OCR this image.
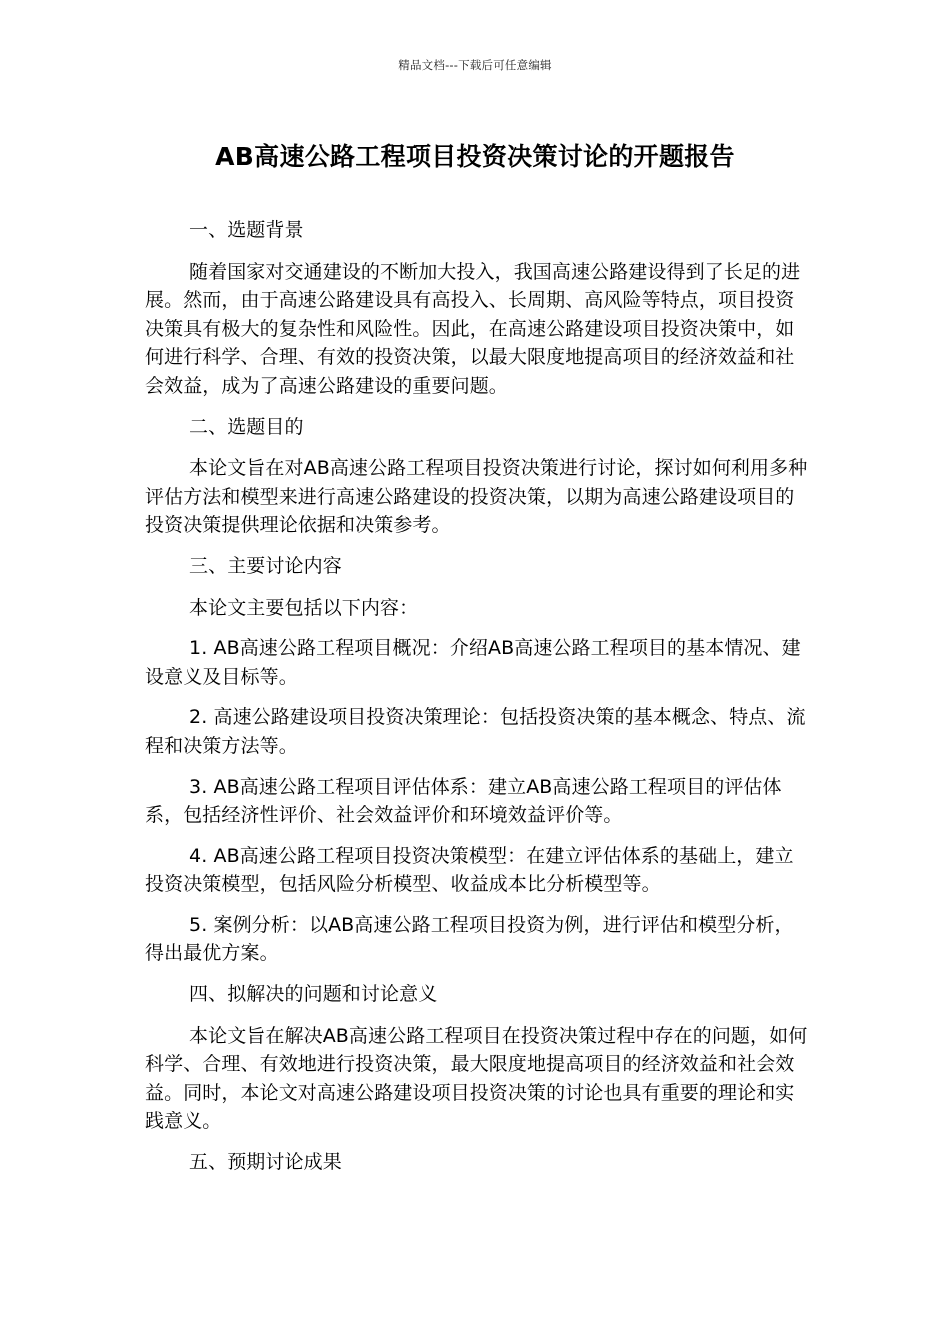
精品文档---下载后可任意编辑
AB高速公路工程项目投资决策讨论的开题报告

一、选题背景

随着国家对交通建设的不断加大投入，我国高速公路建设得到了长足的进展。然而，由于高速公路建设具有高投入、长周期、高风险等特点，项目投资决策具有极大的复杂性和风险性。因此，在高速公路建设项目投资决策中，如何进行科学、合理、有效的投资决策，以最大限度地提高项目的经济效益和社会效益，成为了高速公路建设的重要问题。

二、选题目的

本论文旨在对AB高速公路工程项目投资决策进行讨论，探讨如何利用多种评估方法和模型来进行高速公路建设的投资决策，以期为高速公路建设项目的投资决策提供理论依据和决策参考。

三、主要讨论内容

本论文主要包括以下内容：

1. AB高速公路工程项目概况：介绍AB高速公路工程项目的基本情况、建设意义及目标等。

2. 高速公路建设项目投资决策理论：包括投资决策的基本概念、特点、流程和决策方法等。

3. AB高速公路工程项目评估体系：建立AB高速公路工程项目的评估体系，包括经济性评价、社会效益评价和环境效益评价等。

4. AB高速公路工程项目投资决策模型：在建立评估体系的基础上，建立投资决策模型，包括风险分析模型、收益成本比分析模型等。

5. 案例分析：以AB高速公路工程项目投资为例，进行评估和模型分析，得出最优方案。

四、拟解决的问题和讨论意义

本论文旨在解决AB高速公路工程项目在投资决策过程中存在的问题，如何科学、合理、有效地进行投资决策，最大限度地提高项目的经济效益和社会效益。同时，本论文对高速公路建设项目投资决策的讨论也具有重要的理论和实践意义。

五、预期讨论成果
